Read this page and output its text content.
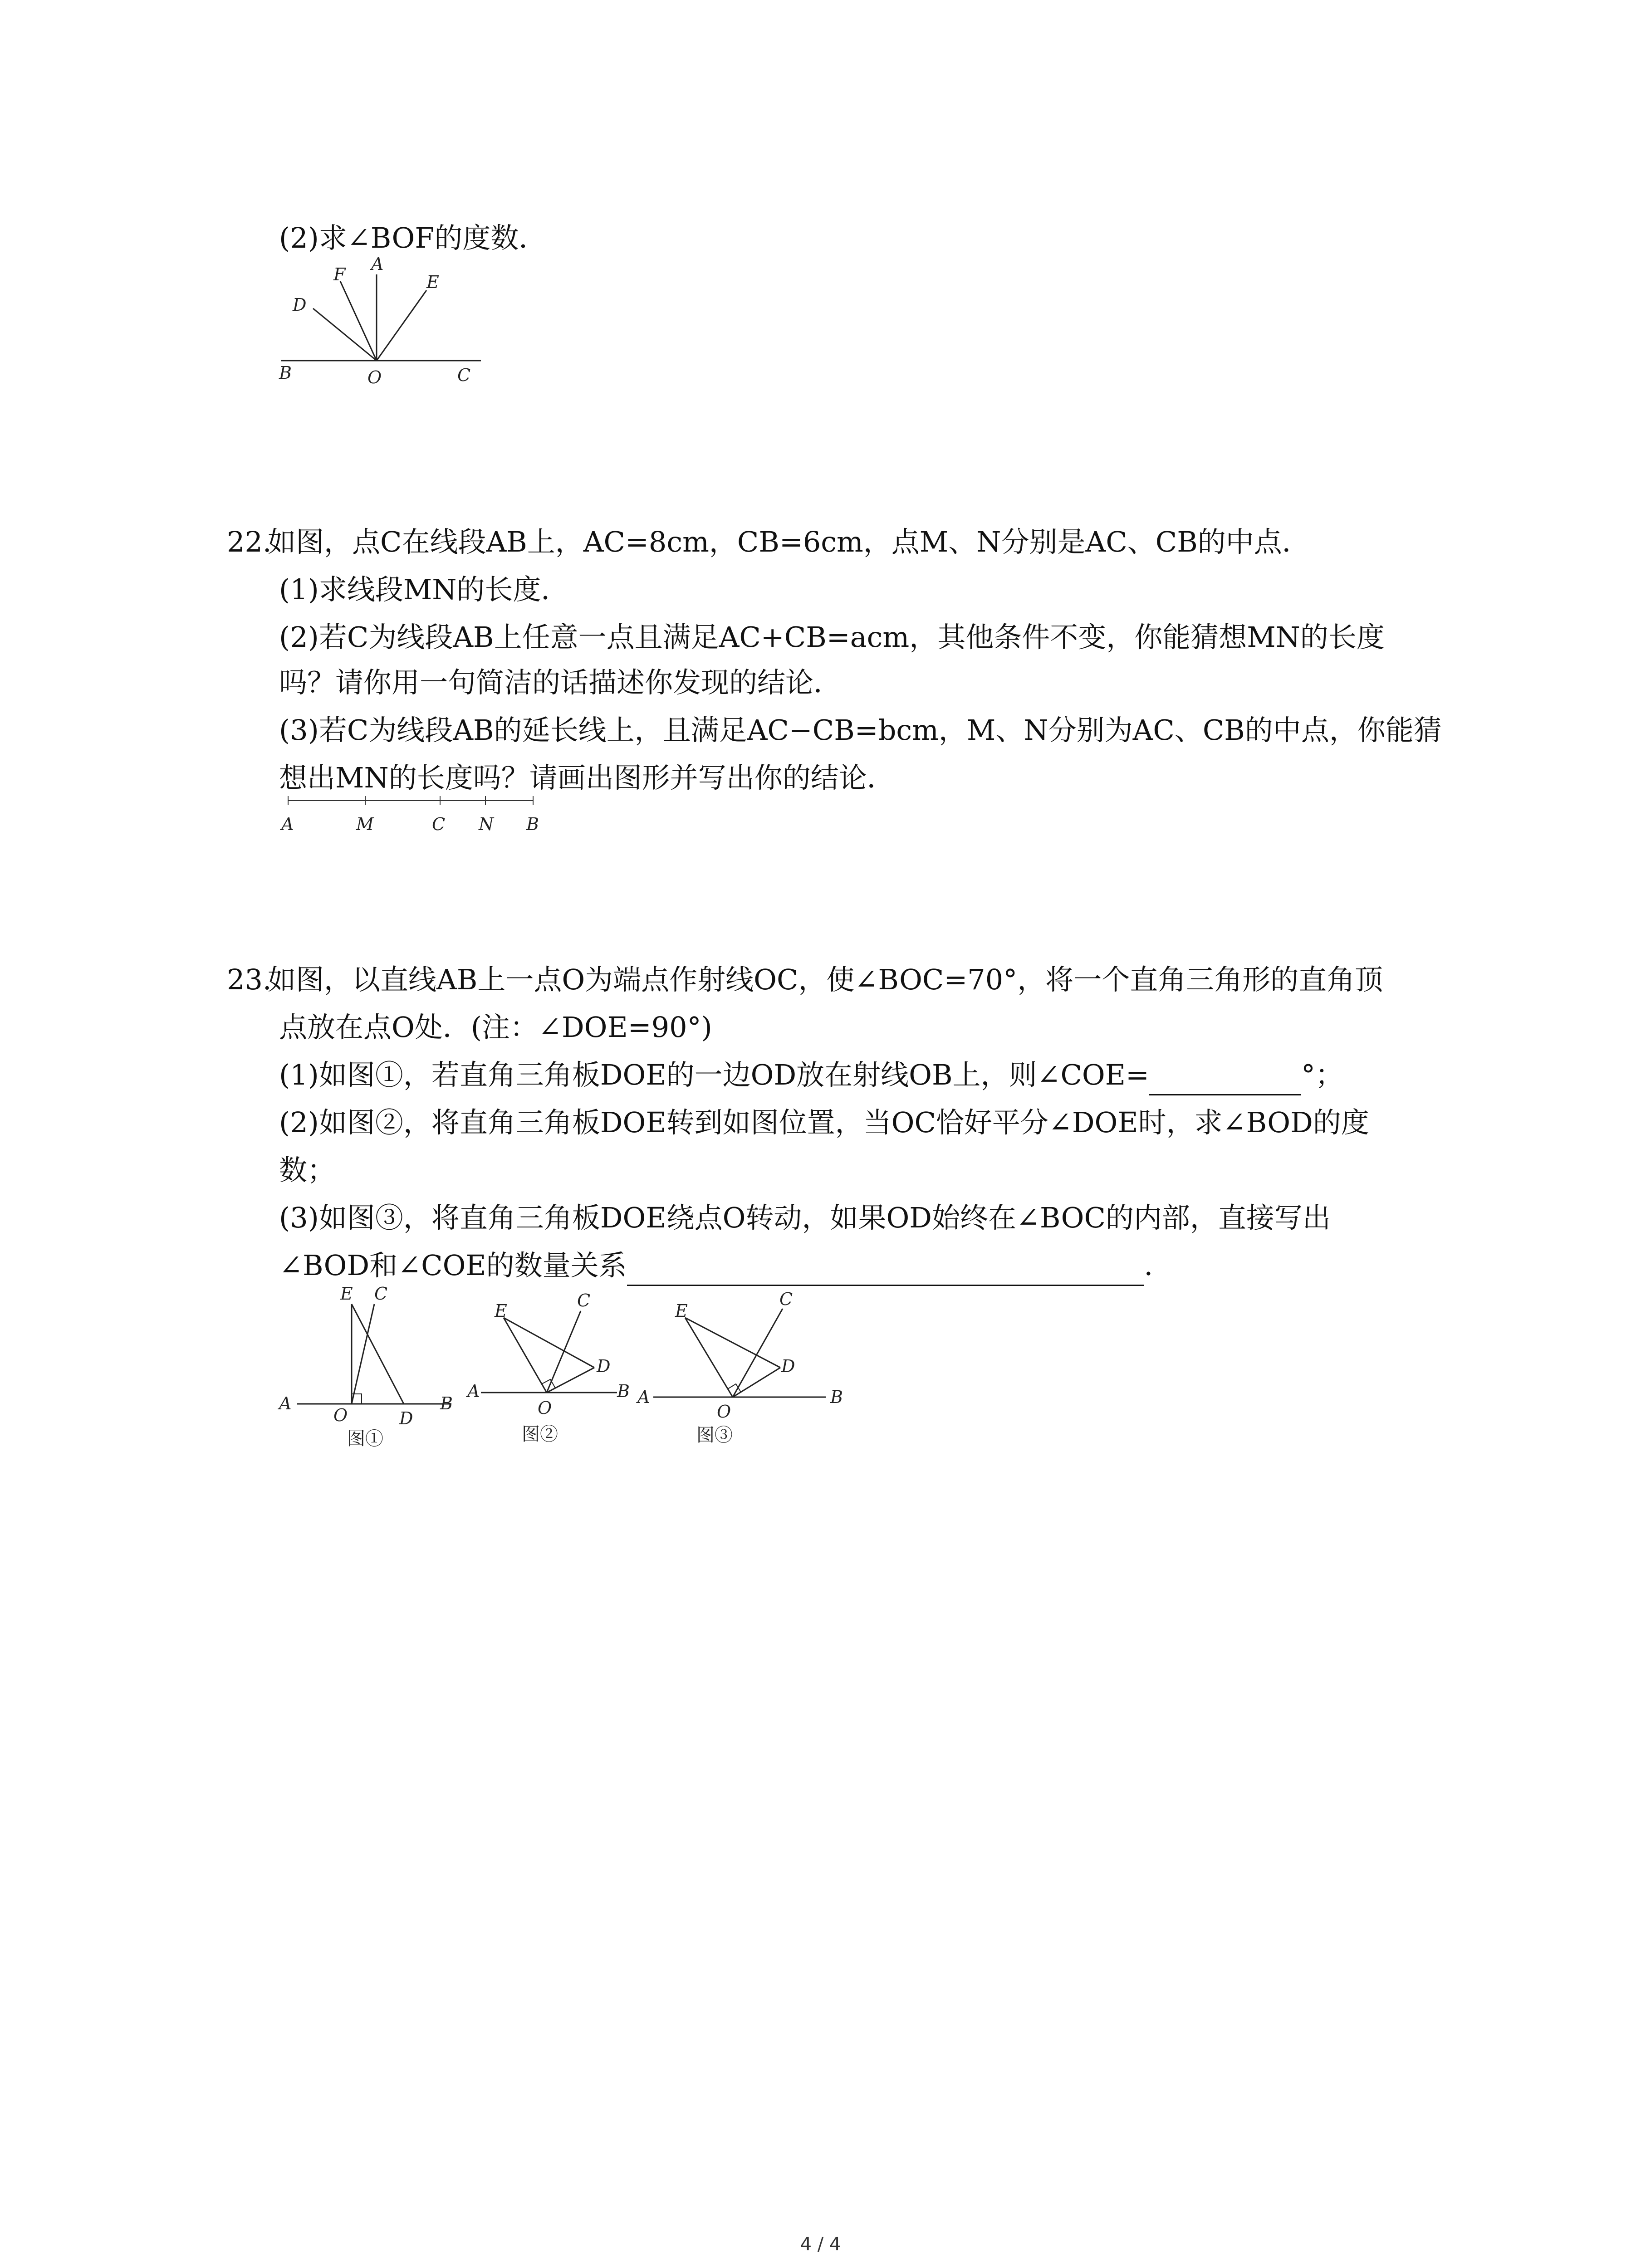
(2)求∠BOF的度数．
F
A
E
D
B	O	C
22.如图，点C在线段AB上，AC=8cm，CB=6cm，点M、N分别是AC、CB的中点．
(1)求线段MN的长度．
(2)若C为线段AB上任意一点且满足AC+CB=acm，其他条件不变，你能猜想MN的长度
吗？请你用一句简洁的话描述你发现的结论．
(3)若C为线段AB的延长线上，且满足AC−CB=bcm，M、N分别为AC、CB的中点，你能猜
想出MN的长度吗？请画出图形并写出你的结论．
A	M	C N B
23.如图，以直线AB上一点O为端点作射线OC，使∠BOC=70°，将一个直角三角形的直角顶
点放在点O处．(注：∠DOE=90°)
(1)如图①，若直角三角板DOE的一边OD放在射线OB上，则∠COE=	°；
(2)如图②，将直角三角板DOE转到如图位置，当OC恰好平分∠DOE时，求∠BOD的度
数；
(3)如图③，将直角三角板DOE绕点O转动，如果OD始终在∠BOC的内部，直接写出
∠BOD和∠COE的数量关系	．
E C
A
O	D
B
图①
E
C
D
A
O
B
图②
E
C
D
A
O
B
图③
4 / 4
